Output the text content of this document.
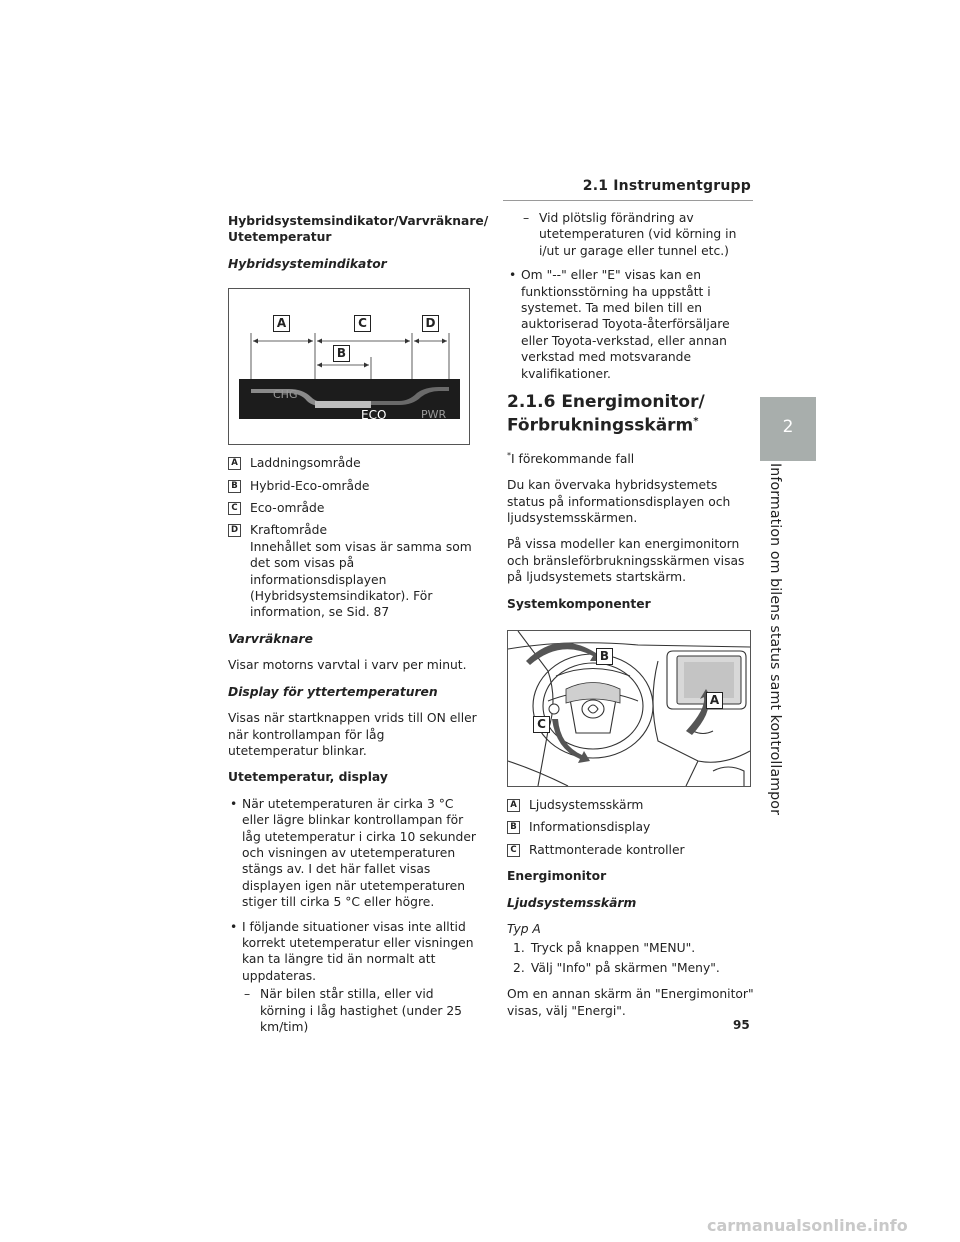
2.1 Instrumentgrupp
Hybridsystemsindikator/Varvräknare/ Utetemperatur
Hybridsystemindikator
A	C	D
B
CHG
ECO	PWR
A Laddningsområde
B Hybrid-Eco-område
C Eco-område
D Kraftområde
Innehållet som visas är samma som det som visas på informationsdisplayen (Hybridsystemsindikator). För information, se Sid. 87
Varvräknare
Visar motorns varvtal i varv per minut.
Display för yttertemperaturen
Visas när startknappen vrids till ON eller när kontrollampan för låg utetemperatur blinkar.
Utetemperatur, display
• När utetemperaturen är cirka 3 °C eller lägre blinkar kontrollampan för låg utetemperatur i cirka 10 sekunder och visningen av utetemperaturen stängs av. I det här fallet visas displayen igen när utetemperaturen stiger till cirka 5 °C eller högre.
• I följande situationer visas inte alltid korrekt utetemperatur eller visningen kan ta längre tid än normalt att uppdateras.
– När bilen står stilla, eller vid körning i låg hastighet (under 25 km/tim)
– Vid plötslig förändring av utetemperaturen (vid körning in i/ut ur garage eller tunnel etc.)
• Om "--" eller "E" visas kan en funktionsstörning ha uppstått i systemet. Ta med bilen till en auktoriserad Toyota-återförsäljare eller Toyota-verkstad, eller annan verkstad med motsvarande kvalifikationer.
2.1.6 Energimonitor/ Förbrukningsskärm*
*I förekommande fall
Du kan övervaka hybridsystemets status på informationsdisplayen och ljudsystemsskärmen.
På vissa modeller kan energimonitorn och bränsleförbrukningsskärmen visas på ljudsystemets startskärm.
Systemkomponenter
B
A
C
A Ljudsystemsskärm
B Informationsdisplay
C Rattmonterade kontroller
Energimonitor
Ljudsystemsskärm
Typ A
1. Tryck på knappen "MENU".
2. Välj "Info" på skärmen "Meny".
Om en annan skärm än "Energimonitor" visas, välj "Energi".
2
Information om bilens status samt kontrollampor
95
carmanualsonline.info
